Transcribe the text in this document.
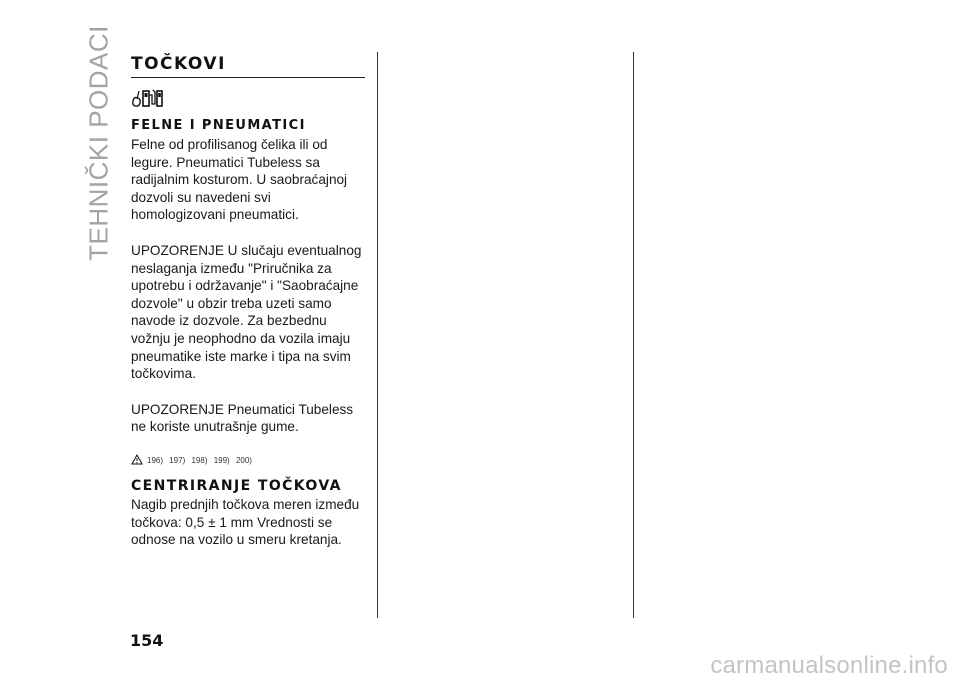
TEHNIČKI PODACI TOČKOVI
FELNE I PNEUMATICI

Felne od profilisanog čelika ili od legure. Pneumatici Tubeless sa radijalnim kosturom. U saobraćajnoj dozvoli su navedeni svi homologizovani pneumatici.

UPOZORENJE U slučaju eventualnog neslaganja između "Priručnika za upotrebu i održavanje" i "Saobraćajne dozvole" u obzir treba uzeti samo navode iz dozvole. Za bezbednu vožnju je neophodno da vozila imaju pneumatike iste marke i tipa na svim točkovima.

UPOZORENJE Pneumatici Tubeless ne koriste unutrašnje gume.

196) 197) 198) 199) 200)
CENTRIRANJE TOČKOVA

Nagib prednjih točkova meren između točkova: 0,5 ± 1 mm Vrednosti se odnose na vozilo u smeru kretanja.

154
carmanualsonline.info
